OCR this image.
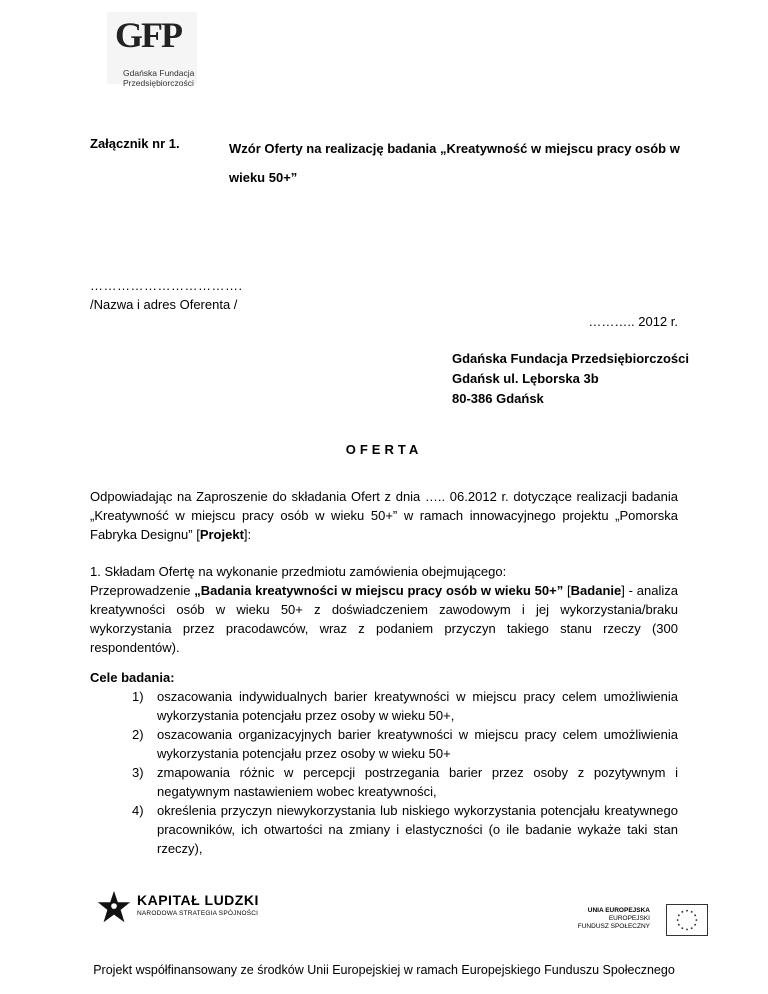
GFP
Gdańska Fundacja
Przedsiębiorczości
Załącznik nr 1.	Wzór Oferty na realizację badania „Kreatywność w miejscu pracy osób w wieku 50+”
…………………………….
/Nazwa i adres Oferenta /
……….. 2012 r.
Gdańska Fundacja Przedsiębiorczości
Gdańsk ul. Lęborska 3b
80-386 Gdańsk
OFERTA
Odpowiadając na Zaproszenie do składania Ofert z dnia ….. 06.2012 r. dotyczące realizacji badania „Kreatywność w miejscu pracy osób w wieku 50+” w ramach innowacyjnego projektu „Pomorska Fabryka Designu” [Projekt]:
1. Składam Ofertę na wykonanie przedmiotu zamówienia obejmującego:
Przeprowadzenie „Badania kreatywności w miejscu pracy osób w wieku 50+” [Badanie] - analiza kreatywności osób w wieku 50+ z doświadczeniem zawodowym i jej wykorzystania/braku wykorzystania przez pracodawców, wraz z podaniem przyczyn takiego stanu rzeczy (300 respondentów).
Cele badania:
1) oszacowania indywidualnych barier kreatywności w miejscu pracy celem umożliwienia wykorzystania potencjału przez osoby w wieku 50+,
2) oszacowania organizacyjnych barier kreatywności w miejscu pracy celem umożliwienia wykorzystania potencjału przez osoby w wieku 50+
3) zmapowania różnic w percepcji postrzegania barier przez osoby z pozytywnym i negatywnym nastawieniem wobec kreatywności,
4) określenia przyczyn niewykorzystania lub niskiego wykorzystania potencjału kreatywnego pracowników, ich otwartości na zmiany i elastyczności (o ile badanie wykaże taki stan rzeczy),
KAPITAŁ LUDZKI
NARODOWA STRATEGIA SPÓJNOŚCI	UNIA EUROPEJSKA
EUROPEJSKI
FUNDUSZ SPOŁECZNY
Projekt współfinansowany ze środków Unii Europejskiej w ramach Europejskiego Funduszu Społecznego
